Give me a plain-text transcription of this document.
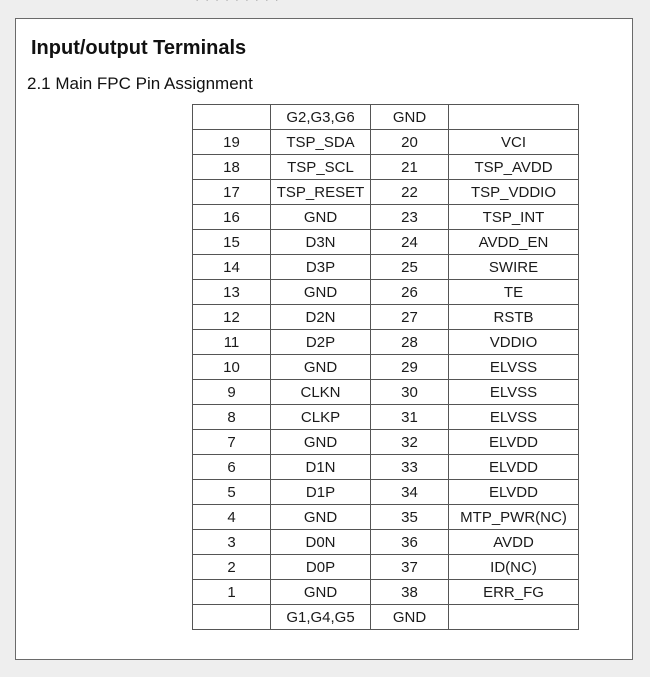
Input/output Terminals
2.1 Main FPC Pin Assignment
	G2,G3,G6	GND	
19	TSP_SDA	20	VCI
18	TSP_SCL	21	TSP_AVDD
17	TSP_RESET	22	TSP_VDDIO
16	GND	23	TSP_INT
15	D3N	24	AVDD_EN
14	D3P	25	SWIRE
13	GND	26	TE
12	D2N	27	RSTB
11	D2P	28	VDDIO
10	GND	29	ELVSS
9	CLKN	30	ELVSS
8	CLKP	31	ELVSS
7	GND	32	ELVDD
6	D1N	33	ELVDD
5	D1P	34	ELVDD
4	GND	35	MTP_PWR(NC)
3	D0N	36	AVDD
2	D0P	37	ID(NC)
1	GND	38	ERR_FG
	G1,G4,G5	GND	
